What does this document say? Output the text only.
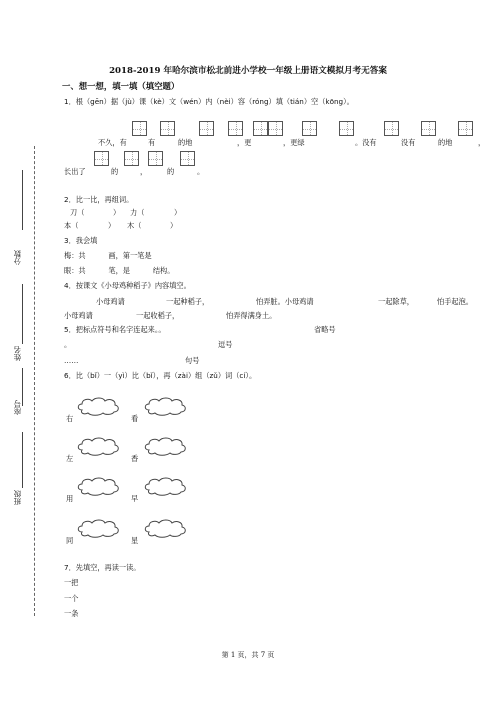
2018-2019 年哈尔滨市松北前进小学校一年级上册语文模拟月考无答案
分数
姓名
座号
班级
一、想一想，填一填（填空题）
1．根（gēn）据（jù）课（kè）文（wén）内（nèi）容（róng）填（tián）空（kōng）。
不久，有	有	的地	，更	，更绿	。没有	没有	的地	，
长出了	的	，	的	。
2．比一比，再组词。
刀（	） 力（	）
本（	） 木（	）
3．我会填
梅：共          画，第一笔是
眼：共          笔，是          结构。
4．按课文《小母鸡种稻子》内容填空。
小母鸡请	一起种稻子，	怕弄脏。小母鸡请	一起除草，	怕手起泡。
小母鸡请	一起收稻子，	怕弄得满身土。
5．把标点符号和名字连起来。。	省略号
。	逗号
……	句号
6．比（bǐ）一（yì）比（bǐ），再（zài）组（zǔ）词（cí）。
右	看
左	香
用	早
同	星
7．先填空，再读一读。
一把
一个
一条
第 1 页，共 7 页
